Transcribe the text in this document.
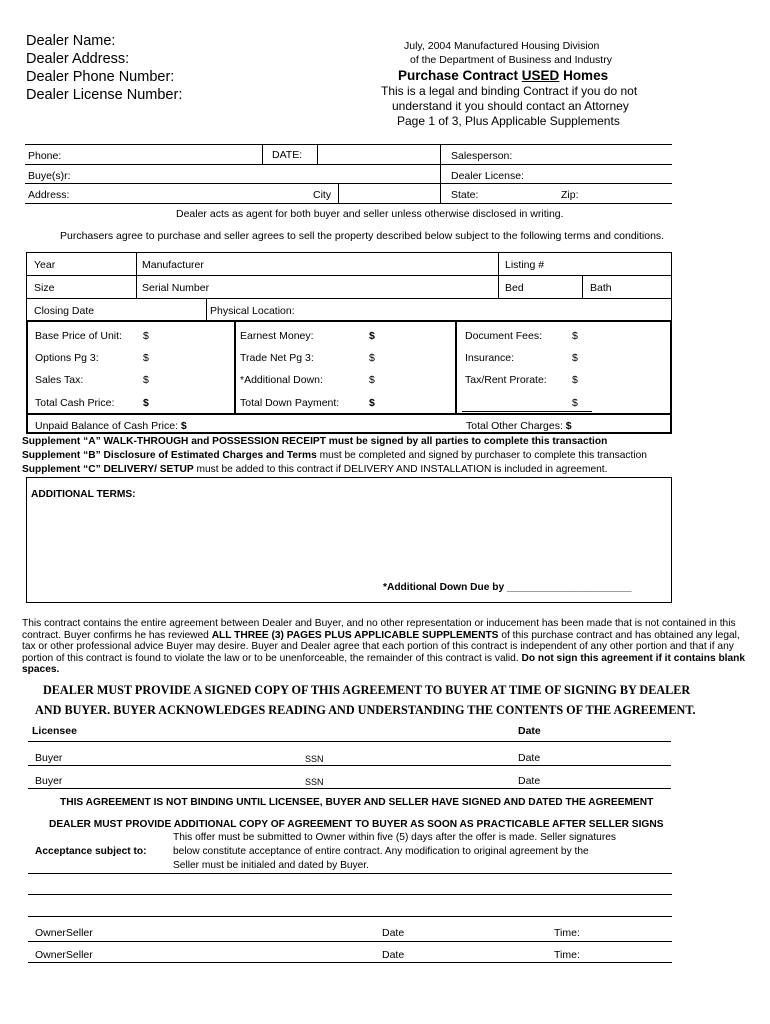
Dealer Name:
Dealer Address:
Dealer Phone Number:
Dealer License Number:
July, 2004 Manufactured Housing Division
of the Department of Business and Industry
Purchase Contract USED Homes
This is a legal and binding Contract if you do not
understand it you should contact an Attorney
Page 1 of 3, Plus Applicable Supplements
Phone:	DATE:	Salesperson:
Buye(s)r:	Dealer License:
Address:	City	State:	Zip:
Dealer acts as agent for both buyer and seller unless otherwise disclosed in writing.
Purchasers agree to purchase and seller agrees to sell the property described below subject to the following terms and conditions.
Year	Manufacturer	Listing #
Size	Serial Number	Bed	Bath
Closing Date	Physical Location:
Base Price of Unit: $
Options Pg 3:	$
Sales Tax:	$
Total Cash Price:	$
Earnest Money:	$
Trade Net Pg 3:	$
*Additional Down:	$
Total Down Payment:	$
Document Fees:	$
Insurance:	$
Tax/Rent Prorate: $
$
Unpaid Balance of Cash Price: $	Total Other Charges: $
Supplement “A” WALK-THROUGH and POSSESSION RECEIPT must be signed by all parties to complete this transaction
Supplement “B” Disclosure of Estimated Charges and Terms must be completed and signed by purchaser to complete this transaction
Supplement “C” DELIVERY/ SETUP must be added to this contract if DELIVERY AND INSTALLATION is included in agreement.
ADDITIONAL TERMS:
*Additional Down Due by ______________________
This contract contains the entire agreement between Dealer and Buyer, and no other representation or inducement has been made that is not contained in this contract. Buyer confirms he has reviewed ALL THREE (3) PAGES PLUS APPLICABLE SUPPLEMENTS of this purchase contract and has obtained any legal, tax or other professional advice Buyer may desire. Buyer and Dealer agree that each portion of this contract is independent of any other portion and that if any portion of this contract is found to violate the law or to be unenforceable, the remainder of this contract is valid. Do not sign this agreement if it contains blank spaces.
DEALER MUST PROVIDE A SIGNED COPY OF THIS AGREEMENT TO BUYER AT TIME OF SIGNING BY DEALER
AND BUYER. BUYER ACKNOWLEDGES READING AND UNDERSTANDING THE CONTENTS OF THE AGREEMENT.
Licensee	Date
Buyer	SSN	Date
Buyer	SSN	Date
THIS AGREEMENT IS NOT BINDING UNTIL LICENSEE, BUYER AND SELLER HAVE SIGNED AND DATED THE AGREEMENT
DEALER MUST PROVIDE ADDITIONAL COPY OF AGREEMENT TO BUYER AS SOON AS PRACTICABLE AFTER SELLER SIGNS
Acceptance subject to:
This offer must be submitted to Owner within five (5) days after the offer is made. Seller signatures
below constitute acceptance of entire contract. Any modification to original agreement by the
Seller must be initialed and dated by Buyer.
OwnerSeller	Date	Time:
OwnerSeller	Date	Time:
